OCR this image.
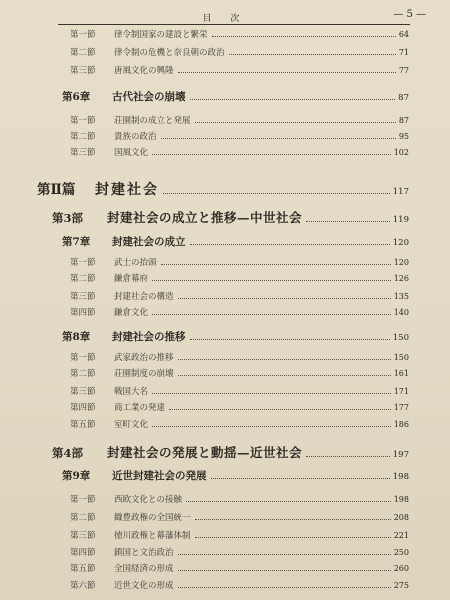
目 次	— 5 —
第一節	律令制国家の建設と繁栄	64
第二節	律令制の危機と奈良朝の政治	71
第三節	唐風文化の興隆	77
第6章	古代社会の崩壊	87
第一節	荘園制の成立と発展	87
第二節	貴族の政治	95
第三節	国風文化	102
第Ⅱ篇	封建社会	117
第3部	封建社会の成立と推移—中世社会	119
第7章	封建社会の成立	120
第一節	武士の抬頭	120
第二節	鎌倉幕府	126
第三節	封建社会の構造	135
第四節	鎌倉文化	140
第8章	封建社会の推移	150
第一節	武家政治の推移	150
第二節	荘園制度の崩壊	161
第三節	戦国大名	171
第四節	商工業の発達	177
第五節	室町文化	186
第4部	封建社会の発展と動揺—近世社会	197
第9章	近世封建社会の発展	198
第一節	西欧文化との接触	198
第二節	織豊政権の全国統一	208
第三節	徳川政権と幕藩体制	221
第四節	鎖国と文治政治	250
第五節	全国経済の形成	260
第六節	近世文化の形成	275
